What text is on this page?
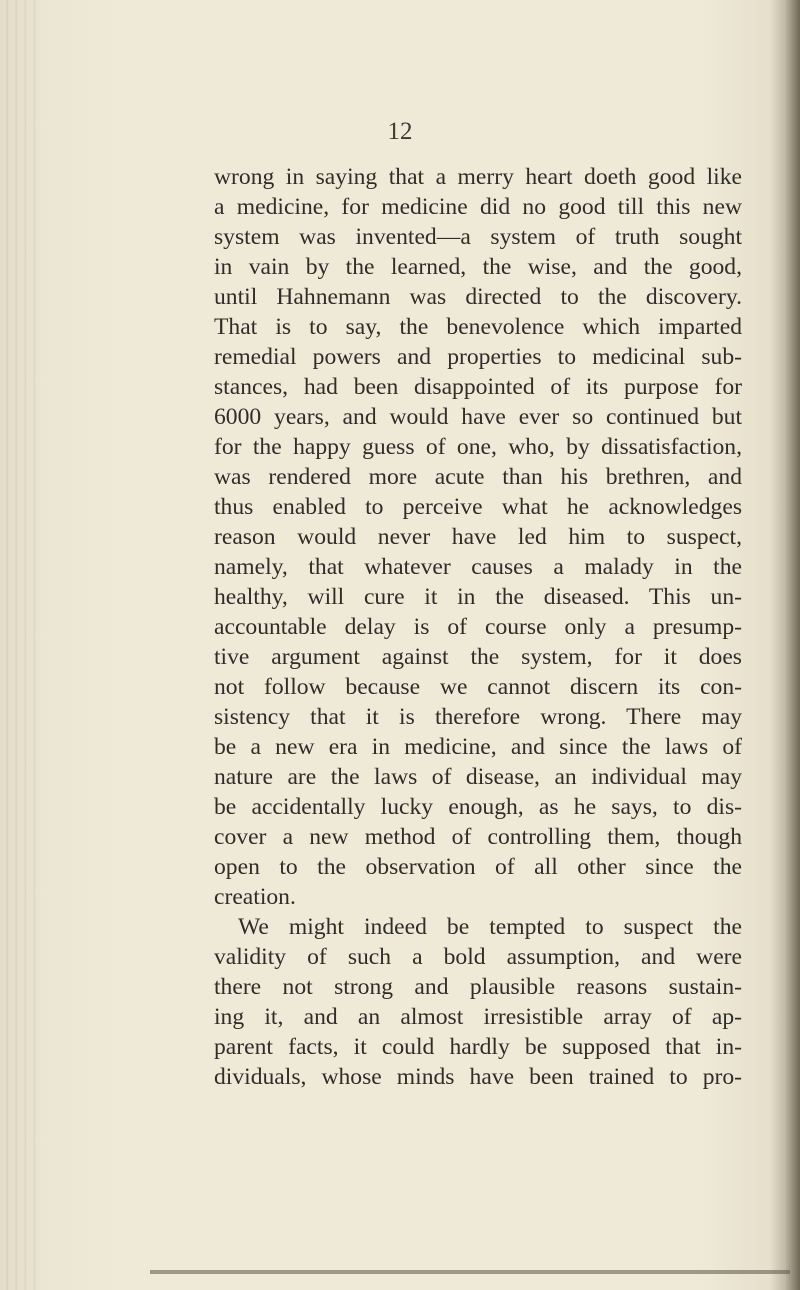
12
wrong in saying that a merry heart doeth good like
a medicine, for medicine did no good till this new
system was invented—a system of truth sought
in vain by the learned, the wise, and the good,
until Hahnemann was directed to the discovery.
That is to say, the benevolence which imparted
remedial powers and properties to medicinal sub-
stances, had been disappointed of its purpose for
6000 years, and would have ever so continued but
for the happy guess of one, who, by dissatisfaction,
was rendered more acute than his brethren, and
thus enabled to perceive what he acknowledges
reason would never have led him to suspect,
namely, that whatever causes a malady in the
healthy, will cure it in the diseased. This un-
accountable delay is of course only a presump-
tive argument against the system, for it does
not follow because we cannot discern its con-
sistency that it is therefore wrong. There may
be a new era in medicine, and since the laws of
nature are the laws of disease, an individual may
be accidentally lucky enough, as he says, to dis-
cover a new method of controlling them, though
open to the observation of all other since the
creation.
We might indeed be tempted to suspect the
validity of such a bold assumption, and were
there not strong and plausible reasons sustain-
ing it, and an almost irresistible array of ap-
parent facts, it could hardly be supposed that in-
dividuals, whose minds have been trained to pro-
